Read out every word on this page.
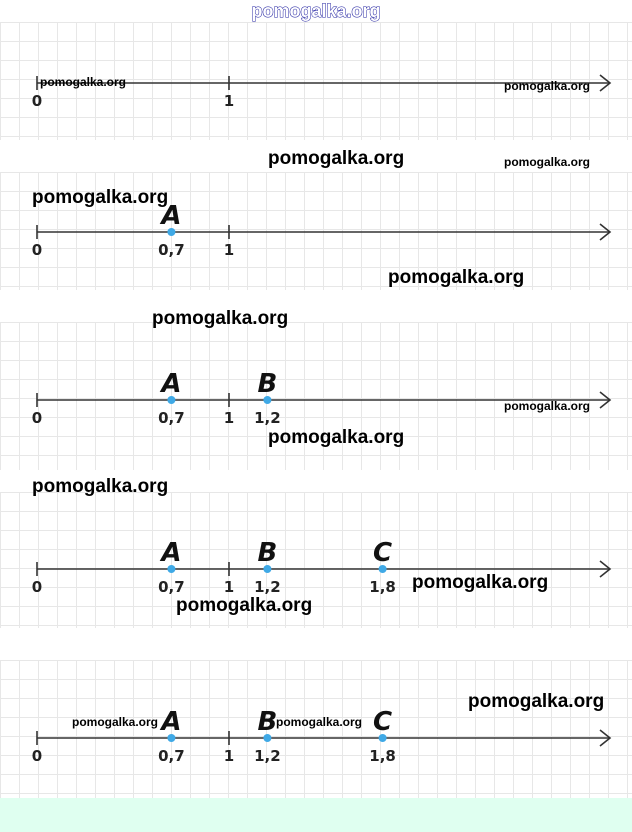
pomogalka.org
0	1
pomogalka.org	pomogalka.org
0	1
A
0,7
0	1
A
0,7
B
1,2
0	1
A
0,7
B
1,2
C
1,8
0	1
A
0,7
B
1,2
C
1,8
pomogalka.org	pomogalka.org
pomogalka.org	pomogalka.org
pomogalka.org
pomogalka.org
pomogalka.org
pomogalka.org
pomogalka.org
pomogalka.org
pomogalka.org
pomogalka.org
pomogalka.org
